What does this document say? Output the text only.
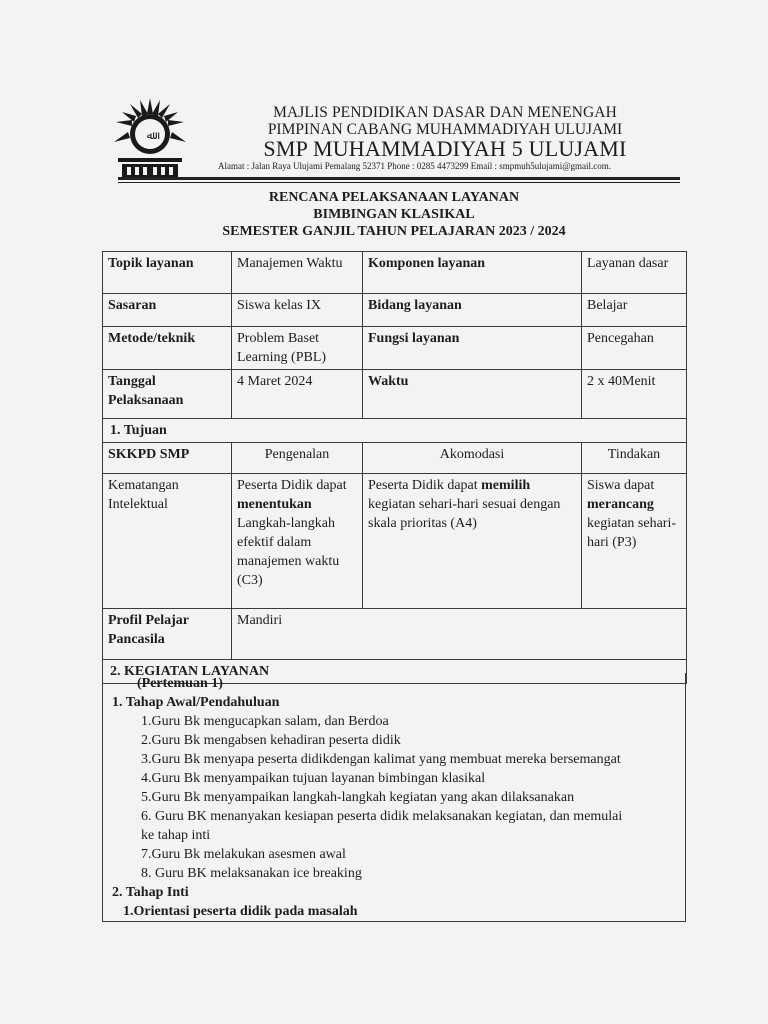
ﷲ
MAJLIS PENDIDIKAN DASAR DAN MENENGAH
PIMPINAN CABANG MUHAMMADIYAH ULUJAMI
SMP MUHAMMADIYAH 5 ULUJAMI
Alamat : Jalan Raya Ulujami Pemalang 52371 Phone : 0285 4473299 Email : smpmuh5ulujami@gmail.com.
RENCANA PELAKSANAAN LAYANAN
BIMBINGAN KLASIKAL
SEMESTER GANJIL TAHUN PELAJARAN 2023 / 2024
Topik layanan	Manajemen Waktu	Komponen layanan	Layanan dasar
Sasaran	Siswa kelas IX	Bidang layanan	Belajar
Metode/teknik	Problem Baset Learning (PBL)	Fungsi layanan	Pencegahan
Tanggal Pelaksanaan	4 Maret 2024	Waktu	2 x 40Menit
1. Tujuan			
SKKPD SMP	Pengenalan	Akomodasi	Tindakan
Kematangan Intelektual	Peserta Didik dapat menentukan Langkah-langkah efektif dalam manajemen waktu (C3)	Peserta Didik dapat memilih kegiatan sehari-hari sesuai dengan skala prioritas (A4)	Siswa dapat merancang kegiatan sehari-hari (P3)
Profil Pelajar Pancasila	Mandiri		
2. KEGIATAN LAYANAN			
(Pertemuan 1)
1. Tahap Awal/Pendahuluan
1.Guru Bk mengucapkan salam, dan Berdoa
2.Guru Bk mengabsen kehadiran peserta didik
3.Guru Bk menyapa peserta didikdengan kalimat yang membuat mereka bersemangat
4.Guru Bk menyampaikan tujuan layanan bimbingan klasikal
5.Guru Bk menyampaikan langkah-langkah kegiatan yang akan dilaksanakan
6. Guru BK menanyakan kesiapan peserta didik melaksanakan kegiatan, dan memulai
ke tahap inti
7.Guru Bk melakukan asesmen awal
8. Guru BK melaksanakan ice breaking
2. Tahap Inti
1.Orientasi peserta didik pada masalah
